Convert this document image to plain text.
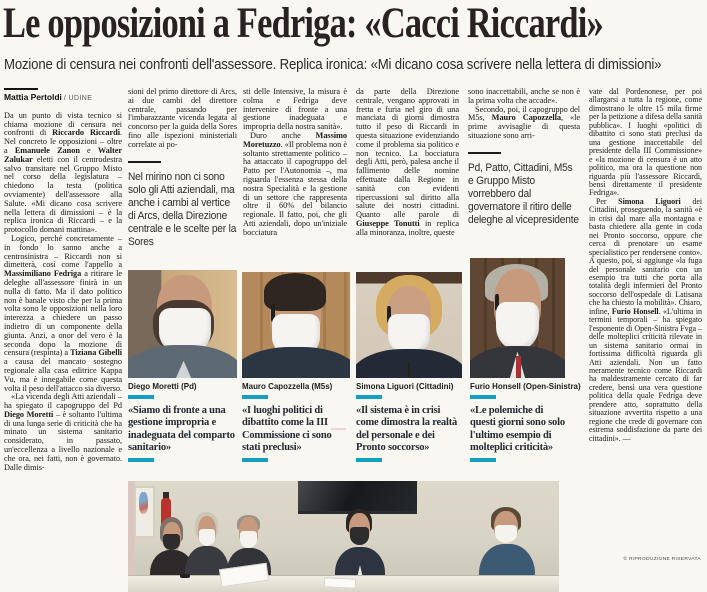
Le opposizioni a Fedriga: «Cacci Riccardi»
Mozione di censura nei confronti dell'assessore. Replica ironica: «Mi dicano cosa scrivere nella lettera di dimissioni»
Mattia Pertoldi / UDINE

Da un punto di vista tecnico si chiama mozione di censura nei confronti di Riccardo Riccardi. Nel concreto le opposizioni – oltre a Emanuele Zanon e Walter Zalukar eletti con il centrodestra salvo transitare nel Gruppo Misto nel corso della legislatura – chiedono la testa (politica ovviamente) dell'assessore alla Salute. «Mi dicano cosa scrivere nella lettera di dimissioni – è la replica ironica di Riccardi – e la protocollo domani mattina».

Logico, perché concretamente – in fondo lo sanno anche a centrosinistra – Riccardi non si dimetterà, così come l'appello a Massimiliano Fedriga a ritirare le deleghe all'assessore finirà in un nulla di fatto. Ma il dato politico non è banale visto che per la prima volta sono le opposizioni nella loro interezza a chiedere un passo indietro di un componente della giunta. Anzi, a onor del vero è la seconda dopo la mozione di censura (respinta) a Tiziana Gibelli a causa del mancato sostegno regionale alla casa editrice Kappa Vu, ma è innegabile come questa volta il peso dell'attacco sia diverso.

«La vicenda degli Atti aziendali – ha spiegato il capogruppo del Pd Diego Moretti – è soltanto l'ultima di una lunga serie di criticità che ha minato un sistema sanitario considerato, in passato, un'eccellenza a livello nazionale e che ora, nei fatti, non è governato. Dalle dimis-

sioni del primo direttore di Arcs, ai due cambi del direttore centrale, passando per l'imbarazzante vicenda legata al concorso per la guida della Sores fino alle ispezioni ministeriali correlate ai po-

Nel mirino non ci sono solo gli Atti aziendali, ma anche i cambi al vertice di Arcs, della Direzione centrale e le scelte per la Sores

sti delle Intensive, la misura è colma e Fedriga deve intervenire di fronte a una gestione inadeguata e impropria della nostra sanità».

Duro anche Massimo Moretuzzo. «Il problema non è soltanto strettamente politico – ha attaccato il capogruppo del Patto per l'Autonomia –, ma riguarda l'essenza stessa della nostra Specialità e la gestione di un settore che rappresenta oltre il 60% del bilancio regionale. Il fatto, poi, che gli Atti aziendali, dopo un'iniziale bocciatura

da parte della Direzione centrale, vengano approvati in fretta e furia nel giro di una manciata di giorni dimostra tutto il peso di Riccardi in questa situazione evidenziando come il problema sia politico e non tecnico. La bocciatura degli Atti, però, palesa anche il fallimento delle nomine effettuate dalla Regione in sanità con evidenti ripercussioni sul diritto alla salute dei nostri cittadini. Quanto alle parole di Giuseppe Tonutti in replica alla minoranza, inoltre, queste

sono inaccettabili, anche se non è la prima volta che accade».

Secondo, poi, il capogruppo del M5s, Mauro Capozzella, «le prime avvisaglie di questa situazione sono arri-

Pd, Patto, Cittadini, M5s e Gruppo Misto vorrebbero dal governatore il ritiro delle deleghe al vicepresidente

vate dal Pordenonese, per poi allargarsi a tutta la regione, come dimostrano le oltre 15 mila firme per la petizione a difesa della sanità pubblica». I luoghi «politici di dibattito ci sono stati preclusi da una gestione inaccettabile del presidente della III Commissione» e «la mozione di censura è un atto politico, ma ora la questione non riguarda più l'assessore Riccardi, bensì direttamente il presidente Fedriga».

Per Simona Liguori dei Cittadini, proseguendo, la sanità «è in crisi dal mare alla montagna e basta chiedere alla gente in coda nei Pronto soccorso, oppure che cerca di prenotare un esame specialistico per rendersene conto». A questo, poi, si aggiunge «la fuga del personale sanitario con un esempio tra tutti che porta alla totalità degli infermieri del Pronto soccorso dell'ospedale di Latisana che ha chiesto la mobilità». Chiaro, infine, Furio Honsell. «L'ultima in termini temporali – ha spiegato l'esponente di Open-Sinistra Fvga – delle molteplici criticità rilevate in un sistema sanitario ormai in fortissima difficoltà riguarda gli Atti aziendali. Non un fatto meramente tecnico come Riccardi ha maldestramente cercato di far credere, bensì una vera questione politica della quale Fedriga deve prendere atto, soprattutto della situazione avvertita rispetto a una regione che crede di governare con estrema soddisfazione da parte dei cittadini». —

© RIPRODUZIONE RISERVATA
Diego Moretti (Pd)	Mauro Capozzella (M5s)	Simona Liguori (Cittadini) Furio Honsell (Open-Sinistra)
«Siamo di fronte a una gestione impropria e inadeguata del comparto sanitario»
«I luoghi politici di dibattito come la III Commissione ci sono stati preclusi»
«Il sistema è in crisi come dimostra la realtà del personale e dei Pronto soccorso»
«Le polemiche di questi giorni sono solo l'ultimo esempio di molteplici criticità»
